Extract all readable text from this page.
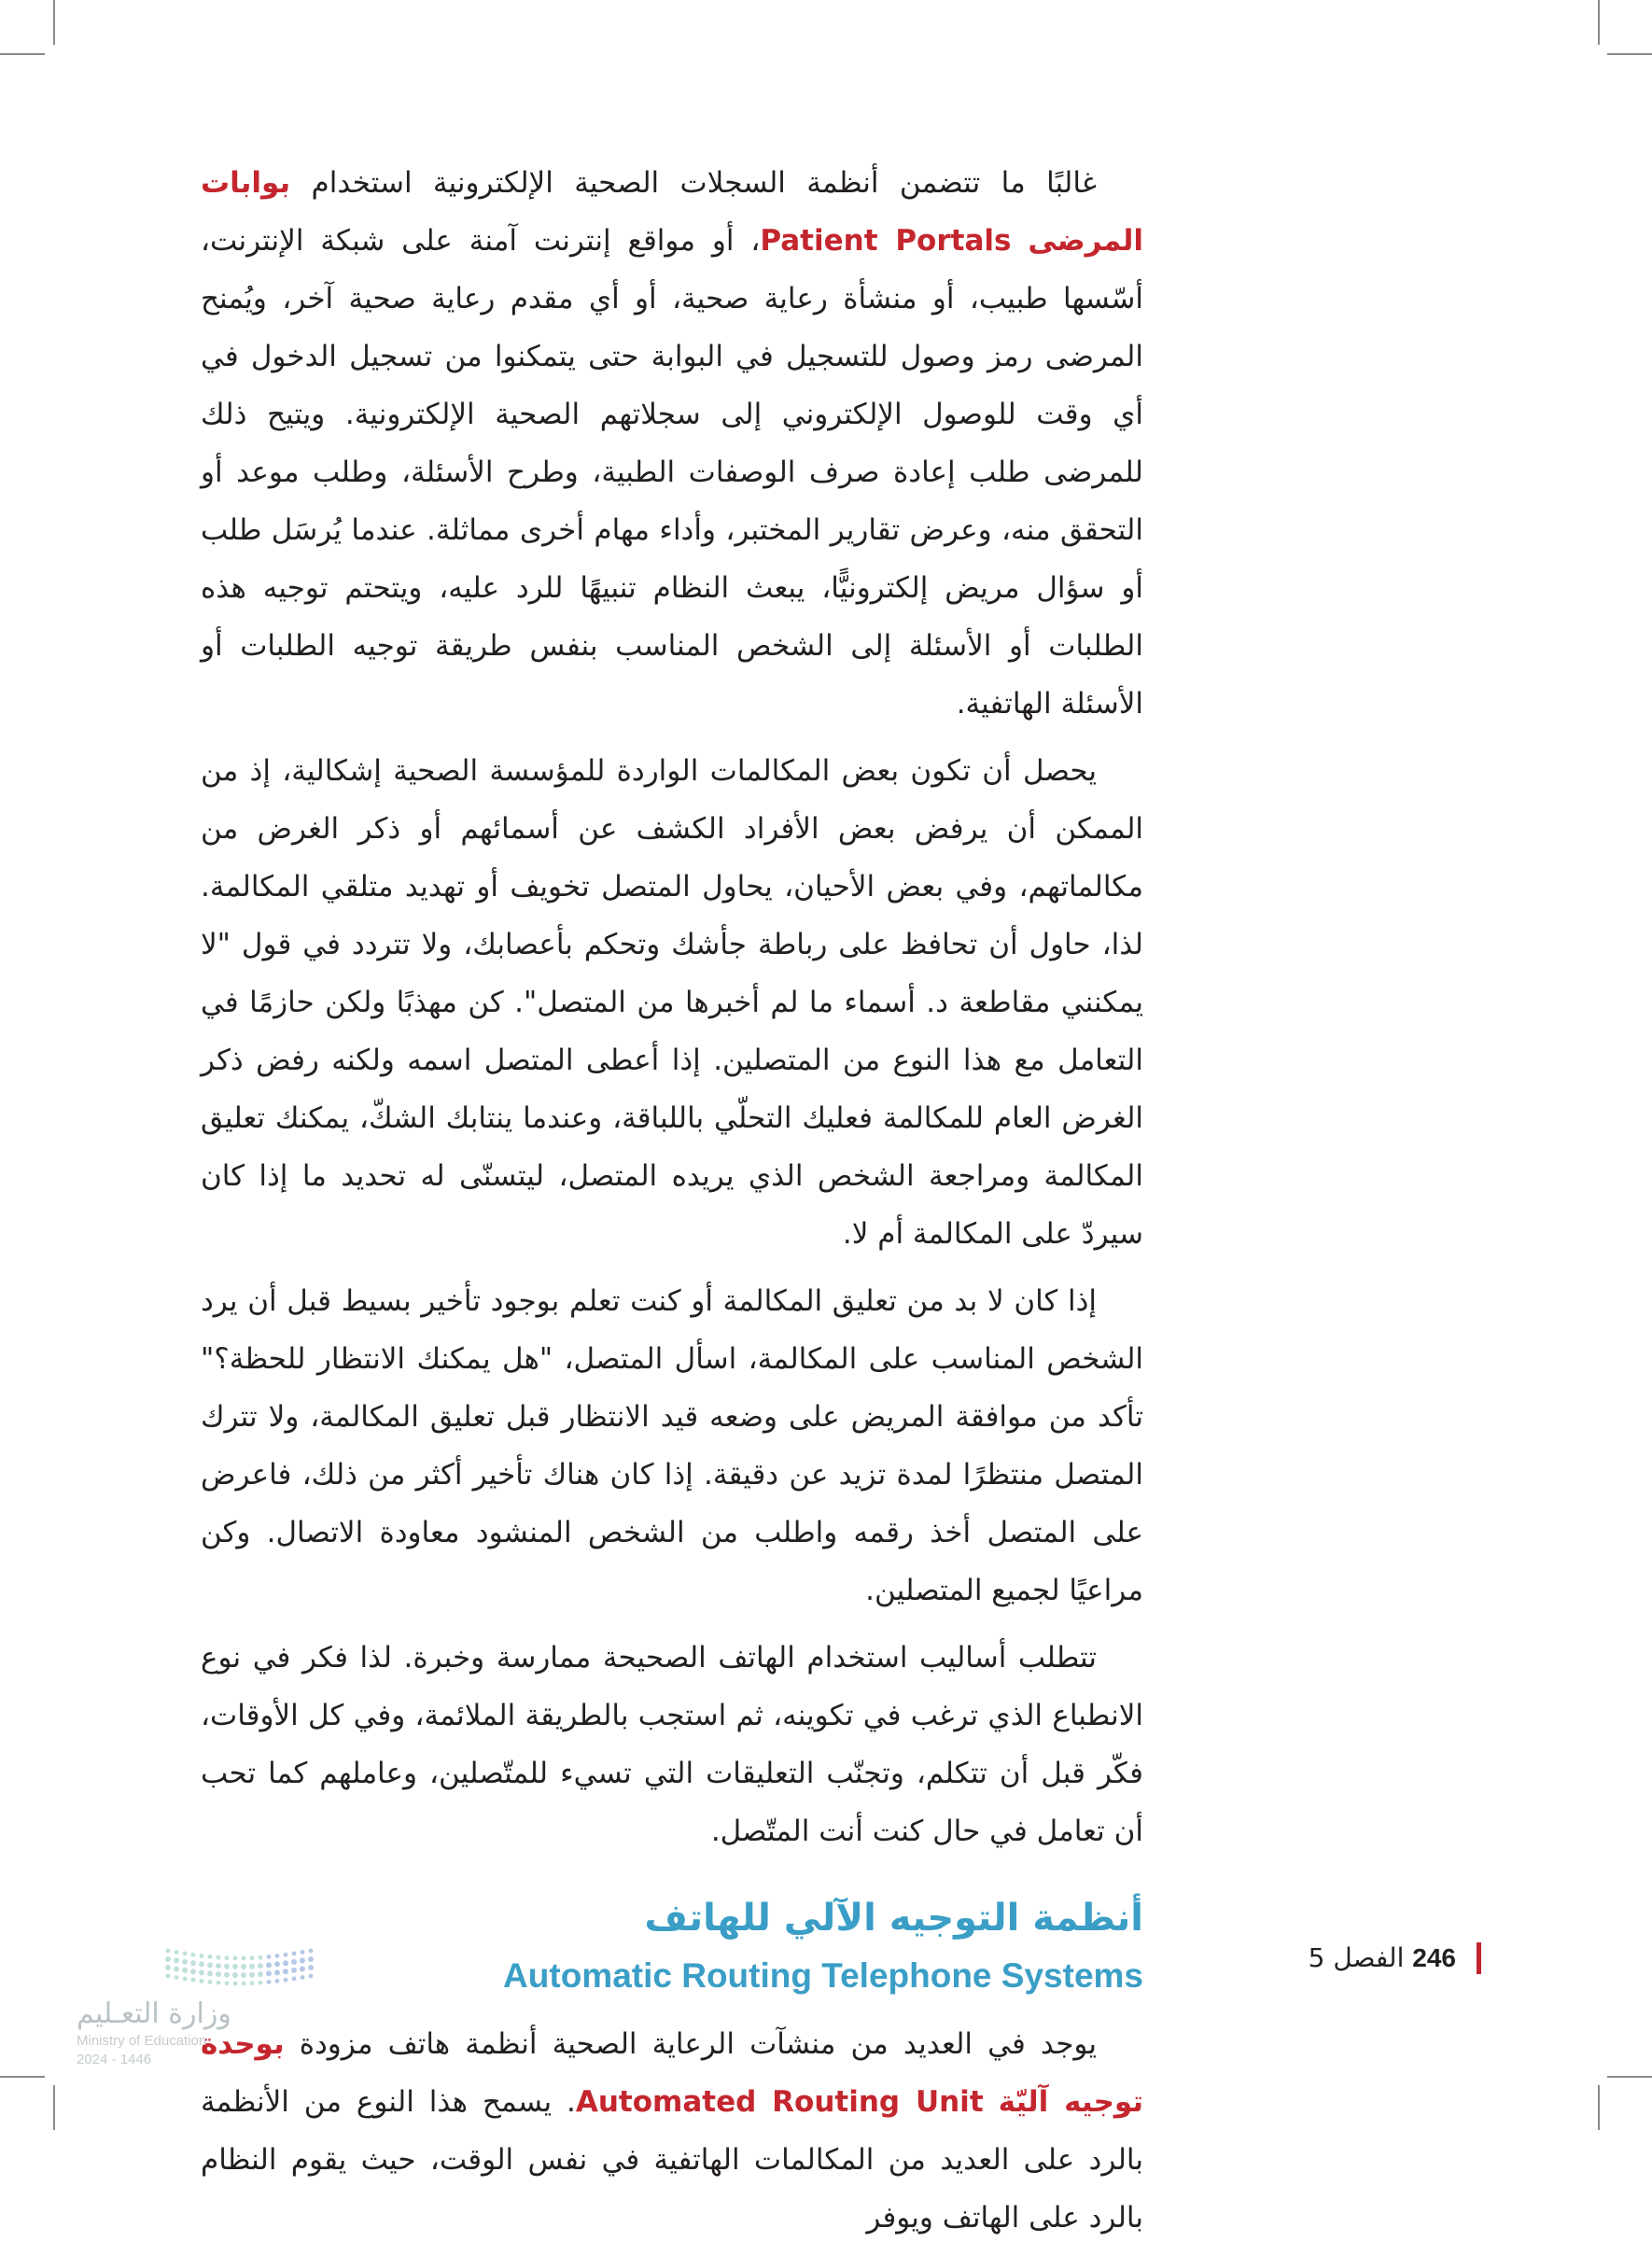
غالبًا ما تتضمن أنظمة السجلات الصحية الإلكترونية استخدام بوابات المرضى Patient Portals، أو مواقع إنترنت آمنة على شبكة الإنترنت، أسّسها طبيب، أو منشأة رعاية صحية، أو أي مقدم رعاية صحية آخر، ويُمنح المرضى رمز وصول للتسجيل في البوابة حتى يتمكنوا من تسجيل الدخول في أي وقت للوصول الإلكتروني إلى سجلاتهم الصحية الإلكترونية. ويتيح ذلك للمرضى طلب إعادة صرف الوصفات الطبية، وطرح الأسئلة، وطلب موعد أو التحقق منه، وعرض تقارير المختبر، وأداء مهام أخرى مماثلة. عندما يُرسَل طلب أو سؤال مريض إلكترونيًّا، يبعث النظام تنبيهًا للرد عليه، ويتحتم توجيه هذه الطلبات أو الأسئلة إلى الشخص المناسب بنفس طريقة توجيه الطلبات أو الأسئلة الهاتفية.

يحصل أن تكون بعض المكالمات الواردة للمؤسسة الصحية إشكالية، إذ من الممكن أن يرفض بعض الأفراد الكشف عن أسمائهم أو ذكر الغرض من مكالماتهم، وفي بعض الأحيان، يحاول المتصل تخويف أو تهديد متلقي المكالمة. لذا، حاول أن تحافظ على رباطة جأشك وتحكم بأعصابك، ولا تتردد في قول "لا يمكنني مقاطعة د. أسماء ما لم أخبرها من المتصل". كن مهذبًا ولكن حازمًا في التعامل مع هذا النوع من المتصلين. إذا أعطى المتصل اسمه ولكنه رفض ذكر الغرض العام للمكالمة فعليك التحلّي باللباقة، وعندما ينتابك الشكّ، يمكنك تعليق المكالمة ومراجعة الشخص الذي يريده المتصل، ليتسنّى له تحديد ما إذا كان سيردّ على المكالمة أم لا.

إذا كان لا بد من تعليق المكالمة أو كنت تعلم بوجود تأخير بسيط قبل أن يرد الشخص المناسب على المكالمة، اسأل المتصل، "هل يمكنك الانتظار للحظة؟" تأكد من موافقة المريض على وضعه قيد الانتظار قبل تعليق المكالمة، ولا تترك المتصل منتظرًا لمدة تزيد عن دقيقة. إذا كان هناك تأخير أكثر من ذلك، فاعرض على المتصل أخذ رقمه واطلب من الشخص المنشود معاودة الاتصال. وكن مراعيًا لجميع المتصلين.

تتطلب أساليب استخدام الهاتف الصحيحة ممارسة وخبرة. لذا فكر في نوع الانطباع الذي ترغب في تكوينه، ثم استجب بالطريقة الملائمة، وفي كل الأوقات، فكّر قبل أن تتكلم، وتجنّب التعليقات التي تسيء للمتّصلين، وعاملهم كما تحب أن تعامل في حال كنت أنت المتّصل.

أنظمة التوجيه الآلي للهاتف
Automatic Routing Telephone Systems

يوجد في العديد من منشآت الرعاية الصحية أنظمة هاتف مزودة بوحدة توجيه آليّة Automated Routing Unit. يسمح هذا النوع من الأنظمة بالرد على العديد من المكالمات الهاتفية في نفس الوقت، حيث يقوم النظام بالرد على الهاتف ويوفر

246 الفصل 5
وزارة التعـليم
Ministry of Education
2024 - 1446
